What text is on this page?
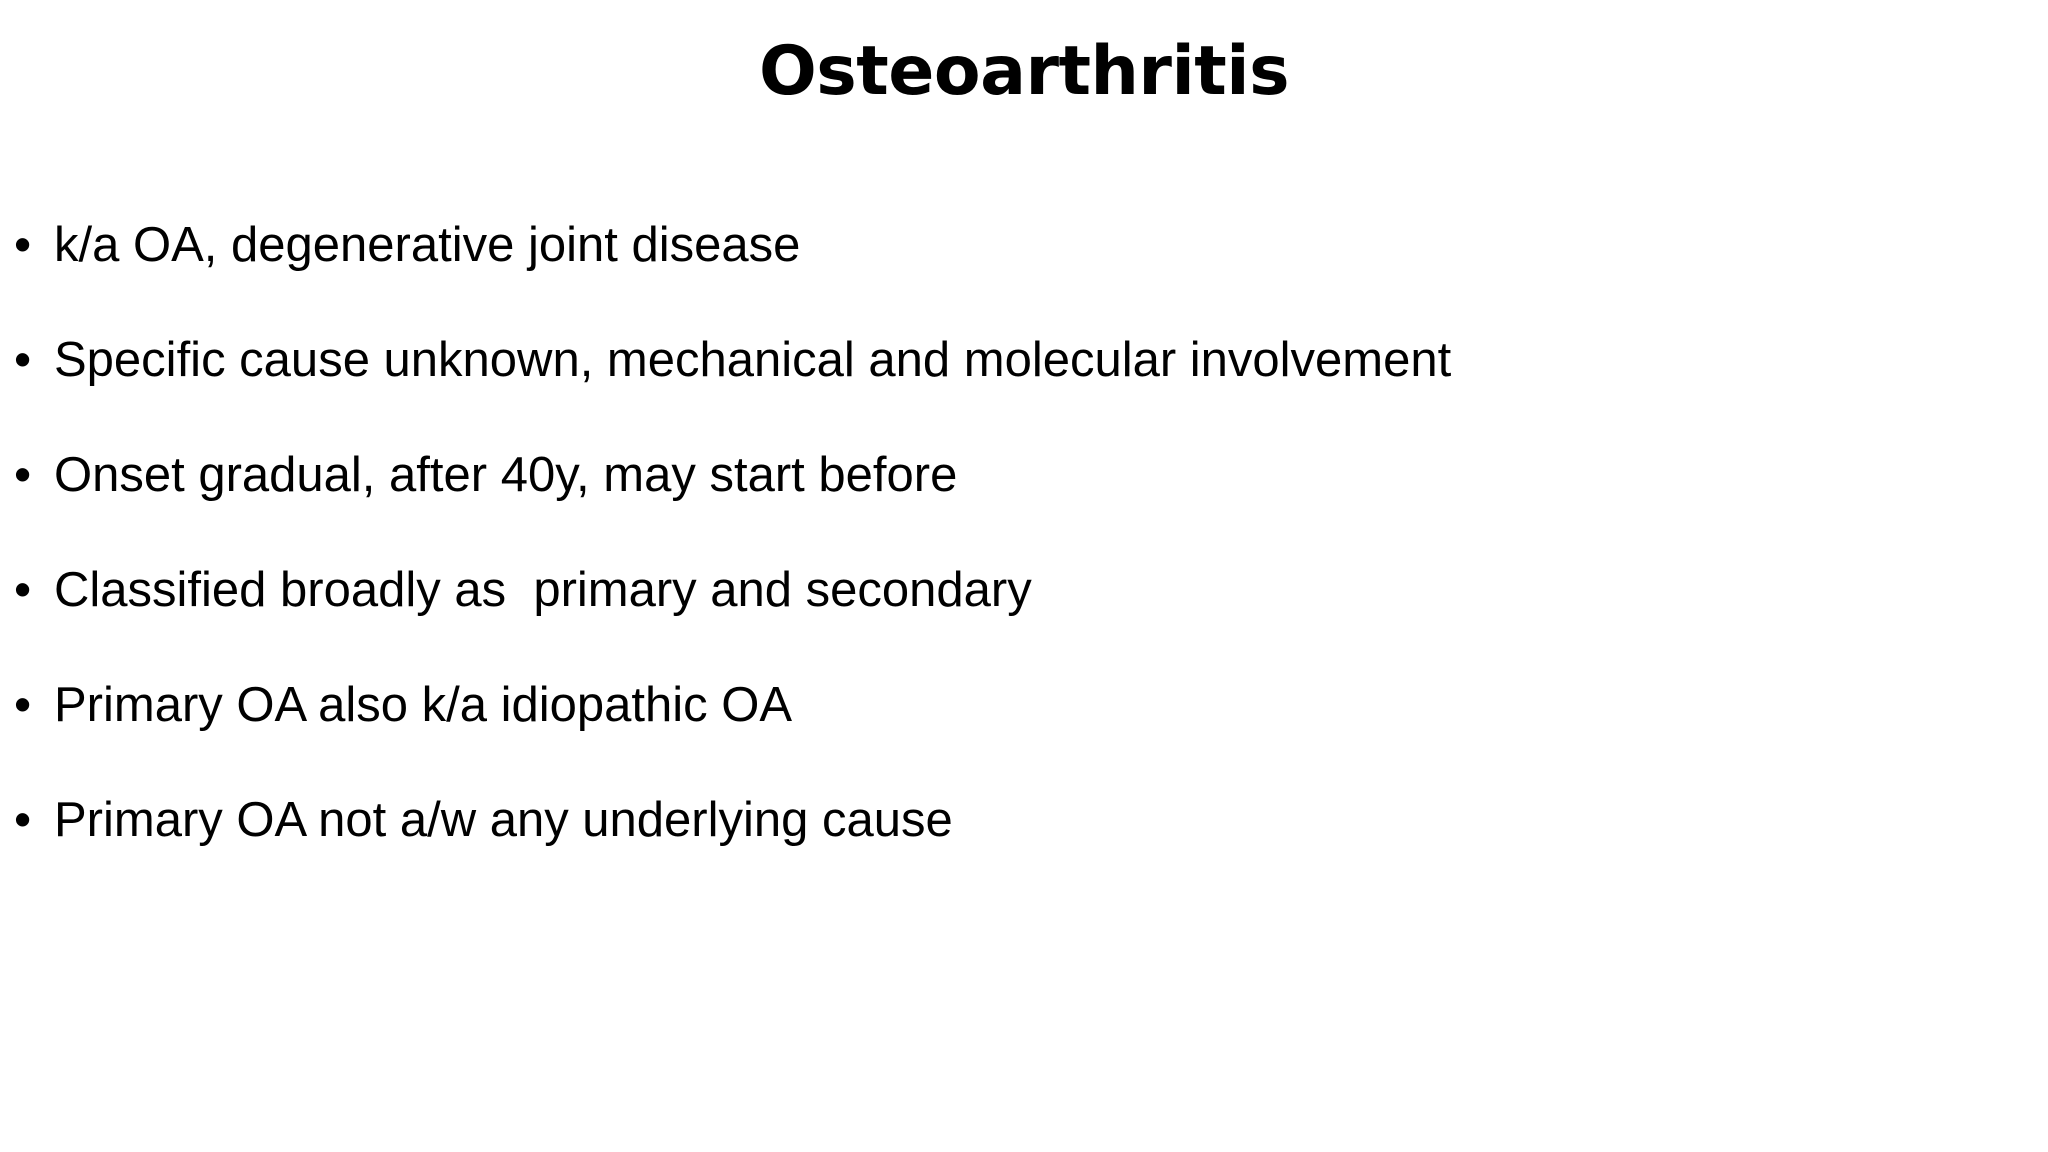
Osteoarthritis
• k/a OA, degenerative joint disease
• Specific cause unknown, mechanical and molecular involvement
• Onset gradual, after 40y, may start before
• Classified broadly as  primary and secondary
• Primary OA also k/a idiopathic OA
• Primary OA not a/w any underlying cause
